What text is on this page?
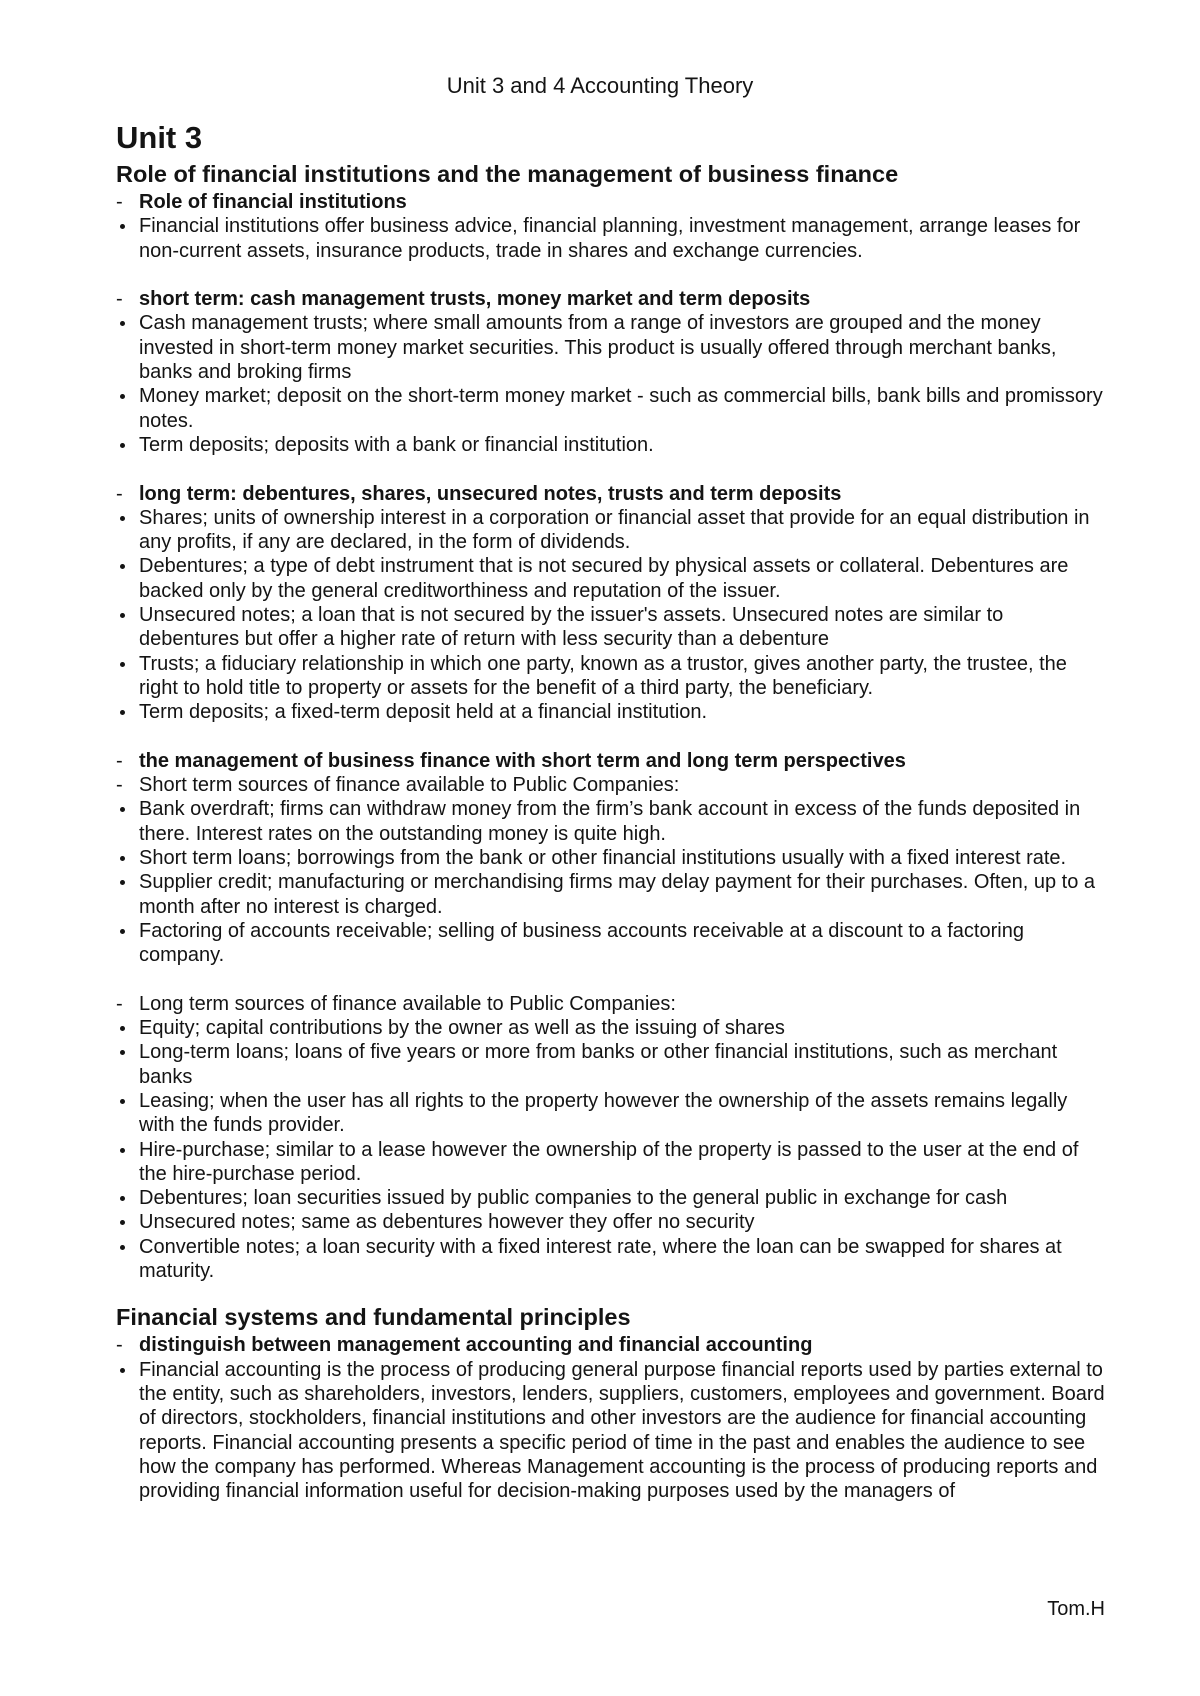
Unit 3 and 4 Accounting Theory
Unit 3
Role of financial institutions and the management of business finance
- Role of financial institutions
Financial institutions offer business advice, financial planning, investment management, arrange leases for non-current assets, insurance products, trade in shares and exchange currencies.
- short term: cash management trusts, money market and term deposits
Cash management trusts; where small amounts from a range of investors are grouped and the money invested in short-term money market securities. This product is usually offered through merchant banks, banks and broking firms
Money market; deposit on the short-term money market - such as commercial bills, bank bills and promissory notes.
Term deposits; deposits with a bank or financial institution.
- long term: debentures, shares, unsecured notes, trusts and term deposits
Shares; units of ownership interest in a corporation or financial asset that provide for an equal distribution in any profits, if any are declared, in the form of dividends.
Debentures; a type of debt instrument that is not secured by physical assets or collateral. Debentures are backed only by the general creditworthiness and reputation of the issuer.
Unsecured notes; a loan that is not secured by the issuer's assets. Unsecured notes are similar to debentures but offer a higher rate of return with less security than a debenture
Trusts; a fiduciary relationship in which one party, known as a trustor, gives another party, the trustee, the right to hold title to property or assets for the benefit of a third party, the beneficiary.
Term deposits; a fixed-term deposit held at a financial institution.
- the management of business finance with short term and long term perspectives
- Short term sources of finance available to Public Companies:
Bank overdraft; firms can withdraw money from the firm’s bank account in excess of the funds deposited in there. Interest rates on the outstanding money is quite high.
Short term loans; borrowings from the bank or other financial institutions usually with a fixed interest rate.
Supplier credit; manufacturing or merchandising firms may delay payment for their purchases. Often, up to a month after no interest is charged.
Factoring of accounts receivable; selling of business accounts receivable at a discount to a factoring company.
- Long term sources of finance available to Public Companies:
Equity; capital contributions by the owner as well as the issuing of shares
Long-term loans; loans of five years or more from banks or other financial institutions, such as merchant banks
Leasing; when the user has all rights to the property however the ownership of the assets remains legally with the funds provider.
Hire-purchase; similar to a lease however the ownership of the property is passed to the user at the end of the hire-purchase period.
Debentures; loan securities issued by public companies to the general public in exchange for cash
Unsecured notes; same as debentures however they offer no security
Convertible notes; a loan security with a fixed interest rate, where the loan can be swapped for shares at maturity.
Financial systems and fundamental principles
- distinguish between management accounting and financial accounting
Financial accounting is the process of producing general purpose financial reports used by parties external to the entity, such as shareholders, investors, lenders, suppliers, customers, employees and government. Board of directors, stockholders, financial institutions and other investors are the audience for financial accounting reports. Financial accounting presents a specific period of time in the past and enables the audience to see how the company has performed. Whereas Management accounting is the process of producing reports and providing financial information useful for decision-making purposes used by the managers of
Tom.H
